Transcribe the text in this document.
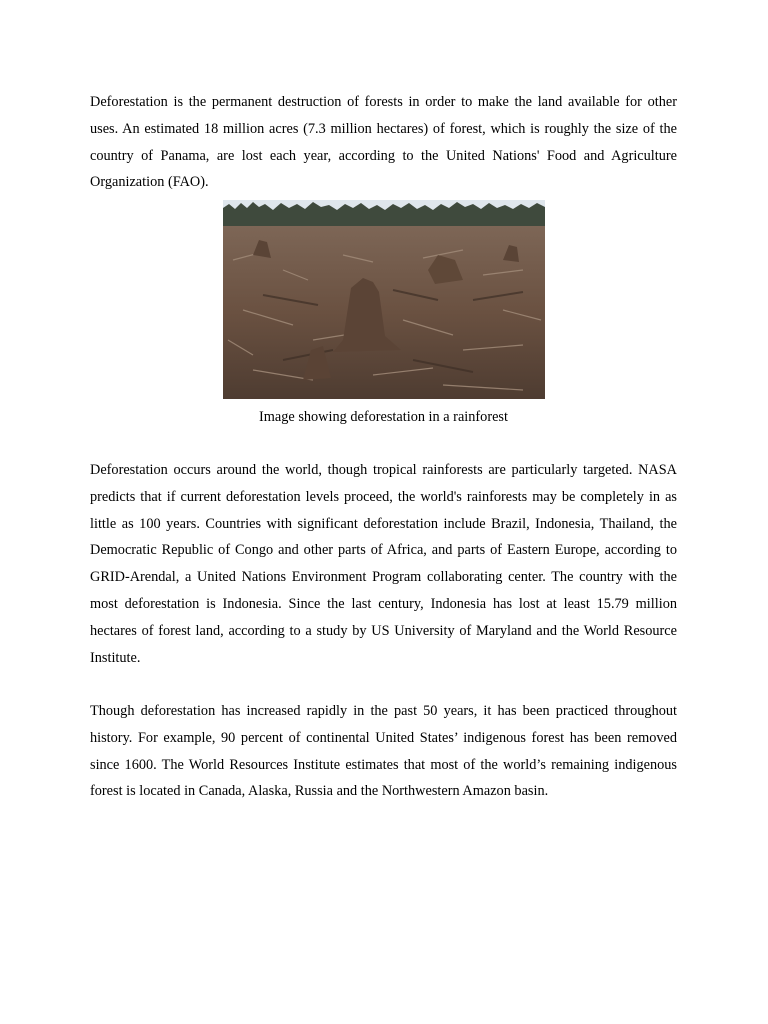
Deforestation is the permanent destruction of forests in order to make the land available for other uses. An estimated 18 million acres (7.3 million hectares) of forest, which is roughly the size of the country of Panama, are lost each year, according to the United Nations' Food and Agriculture Organization (FAO).

Image showing deforestation in a rainforest

Deforestation occurs around the world, though tropical rainforests are particularly targeted. NASA predicts that if current deforestation levels proceed, the world's rainforests may be completely in as little as 100 years. Countries with significant deforestation include Brazil, Indonesia, Thailand, the Democratic Republic of Congo and other parts of Africa, and parts of Eastern Europe, according to GRID-Arendal, a United Nations Environment Program collaborating center. The country with the most deforestation is Indonesia. Since the last century, Indonesia has lost at least 15.79 million hectares of forest land, according to a study by US University of Maryland and the World Resource Institute.

Though deforestation has increased rapidly in the past 50 years, it has been practiced throughout history. For example, 90 percent of continental United States’ indigenous forest has been removed since 1600. The World Resources Institute estimates that most of the world’s remaining indigenous forest is located in Canada, Alaska, Russia and the Northwestern Amazon basin.
